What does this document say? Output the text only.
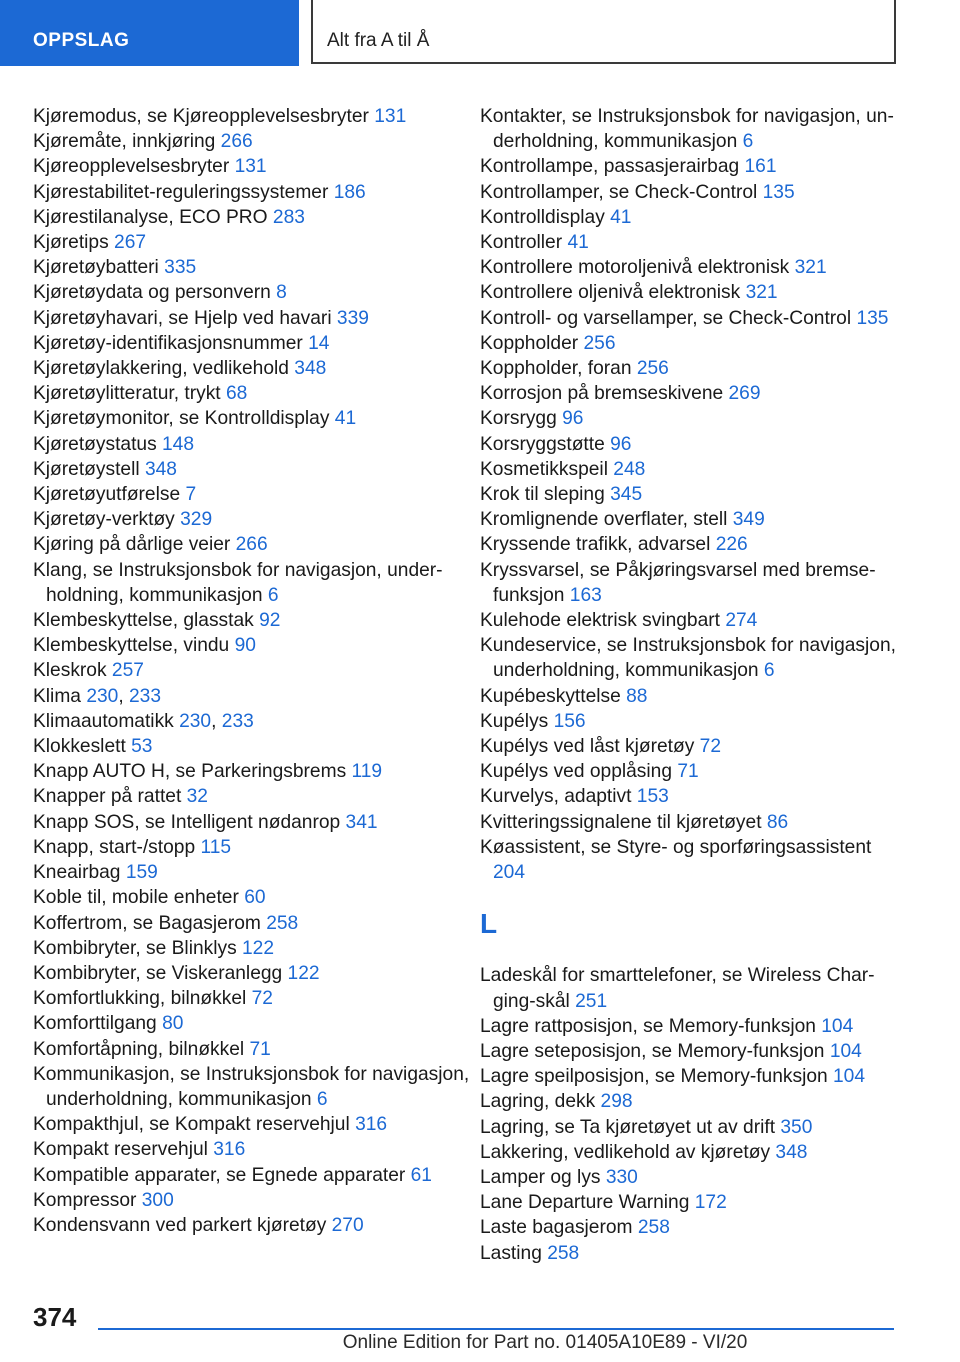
OPPSLAG	Alt fra A til Å
Kjøremodus, se Kjøreopplevelsesbryter 131
Kjøremåte, innkjøring 266
Kjøreopplevelsesbryter 131
Kjørestabilitet-reguleringssystemer 186
Kjørestilanalyse, ECO PRO 283
Kjøretips 267
Kjøretøybatteri 335
Kjøretøydata og personvern 8
Kjøretøyhavari, se Hjelp ved havari 339
Kjøretøy-identifikasjonsnummer 14
Kjøretøylakkering, vedlikehold 348
Kjøretøylitteratur, trykt 68
Kjøretøymonitor, se Kontrolldisplay 41
Kjøretøystatus 148
Kjøretøystell 348
Kjøretøyutførelse 7
Kjøretøy-verktøy 329
Kjøring på dårlige veier 266
Klang, se Instruksjonsbok for navigasjon, underholdning, kommunikasjon 6
Klembeskyttelse, glasstak 92
Klembeskyttelse, vindu 90
Kleskrok 257
Klima 230, 233
Klimaautomatikk 230, 233
Klokkeslett 53
Knapp AUTO H, se Parkeringsbrems 119
Knapper på rattet 32
Knapp SOS, se Intelligent nødanrop 341
Knapp, start-/stopp 115
Kneairbag 159
Koble til, mobile enheter 60
Koffertrom, se Bagasjerom 258
Kombibryter, se Blinklys 122
Kombibryter, se Viskeranlegg 122
Komfortlukking, bilnøkkel 72
Komforttilgang 80
Komfortåpning, bilnøkkel 71
Kommunikasjon, se Instruksjonsbok for navigasjon, underholdning, kommunikasjon 6
Kompakthjul, se Kompakt reservehjul 316
Kompakt reservehjul 316
Kompatible apparater, se Egnede apparater 61
Kompressor 300
Kondensvann ved parkert kjøretøy 270
Kontakter, se Instruksjonsbok for navigasjon, underholdning, kommunikasjon 6
Kontrollampe, passasjerairbag 161
Kontrollamper, se Check-Control 135
Kontrolldisplay 41
Kontroller 41
Kontrollere motoroljenivå elektronisk 321
Kontrollere oljenivå elektronisk 321
Kontroll- og varsellamper, se Check-Control 135
Koppholder 256
Koppholder, foran 256
Korrosjon på bremseskivene 269
Korsrygg 96
Korsryggstøtte 96
Kosmetikkspeil 248
Krok til sleping 345
Kromlignende overflater, stell 349
Kryssende trafikk, advarsel 226
Kryssvarsel, se Påkjøringsvarsel med bremsefunksjon 163
Kulehode elektrisk svingbart 274
Kundeservice, se Instruksjonsbok for navigasjon, underholdning, kommunikasjon 6
Kupébeskyttelse 88
Kupélys 156
Kupélys ved låst kjøretøy 72
Kupélys ved opplåsing 71
Kurvelys, adaptivt 153
Kvitteringssignalene til kjøretøyet 86
Køassistent, se Styre- og sporføringsassistent 204
L
Ladeskål for smarttelefoner, se Wireless Charging-skål 251
Lagre rattposisjon, se Memory-funksjon 104
Lagre seteposisjon, se Memory-funksjon 104
Lagre speilposisjon, se Memory-funksjon 104
Lagring, dekk 298
Lagring, se Ta kjøretøyet ut av drift 350
Lakkering, vedlikehold av kjøretøy 348
Lamper og lys 330
Lane Departure Warning 172
Laste bagasjerom 258
Lasting 258
374
Online Edition for Part no. 01405A10E89 - VI/20
